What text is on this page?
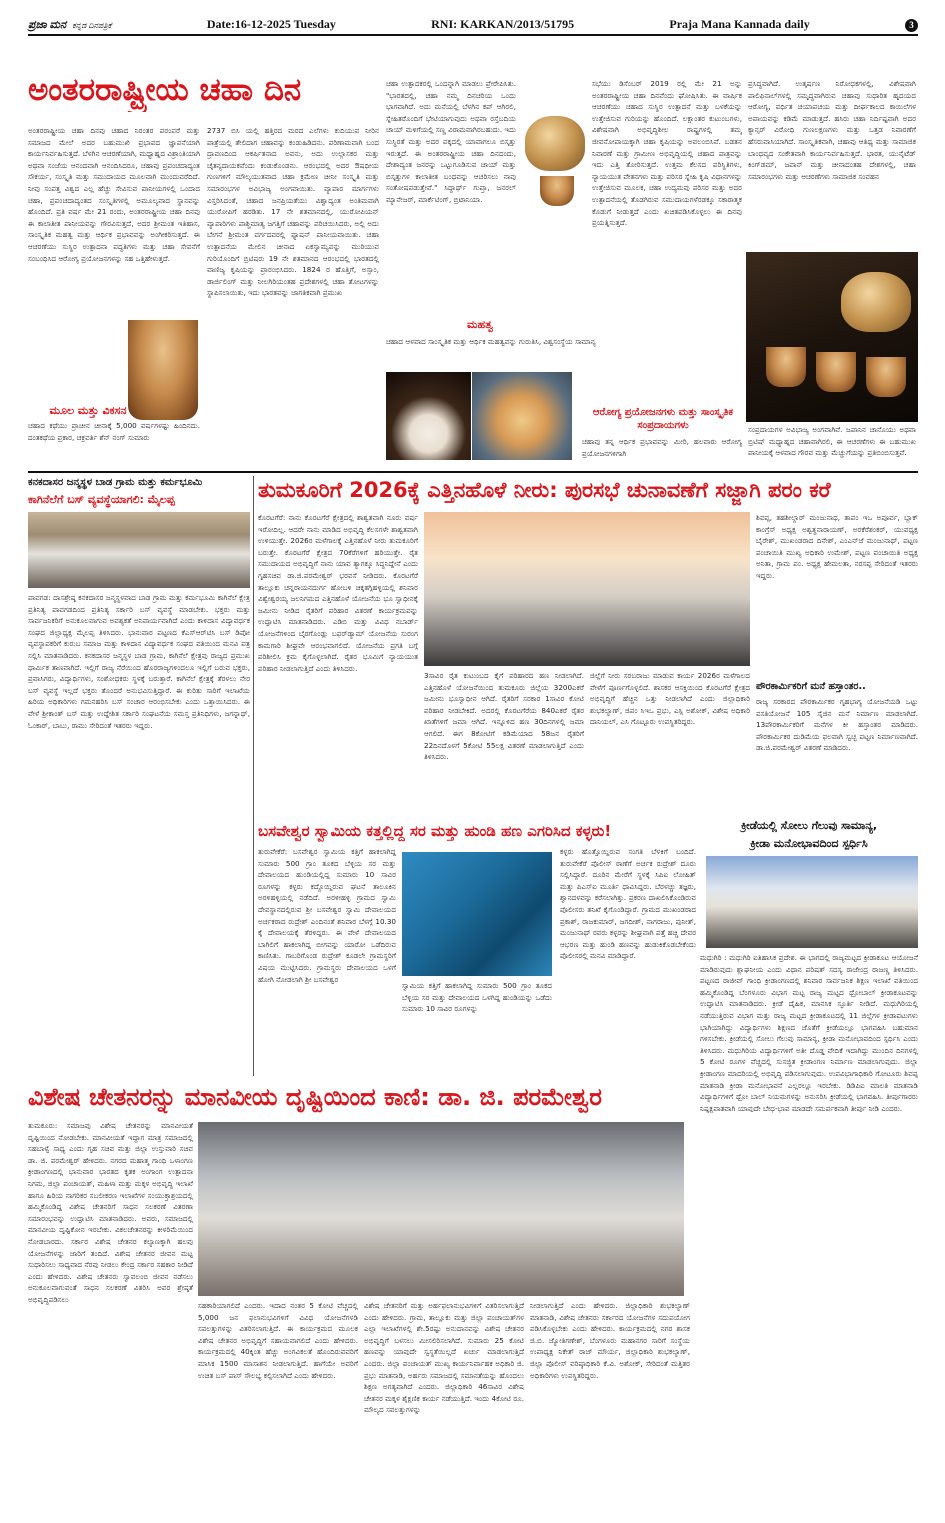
ಪ್ರಜಾ ಮನ ಕನ್ನಡ ದಿನಪತ್ರಿಕೆ	Date:16-12-2025 Tuesday	RNI: KARKAN/2013/51795	Praja Mana Kannada daily	3
ಅಂತರರಾಷ್ಟ್ರೀಯ ಚಹಾ ದಿನ
ಅಂತರರಾಷ್ಟ್ರೀಯ ಚಹಾ ದಿನವು ಚಹಾದ ನಿರಂತರ ಪರಂಪರೆ ಮತ್ತು ಸಮಾಜದ ಮೇಲೆ ಅದರ ಬಹುಮುಖಿ ಪ್ರಭಾವದ ಜ್ಞಾಪನೆಯಾಗಿ ಕಾರ್ಯನಿರ್ವಹಿಸುತ್ತದೆ. ಬೆಳಗಿನ ಆಚರಣೆಯಾಗಿ, ಮಧ್ಯಾಹ್ನದ ವಿಶ್ರಾಂತಿಯಾಗಿ ಅಥವಾ ಸಂಜೆಯ ಆನಂದವಾಗಿ ಆನಂದಿಸಿದರೂ, ಚಹಾವು ಪ್ರಪಂಚದಾದ್ಯಂತ ಸೌಕರ್ಯ, ಸಂಸ್ಕೃತಿ ಮತ್ತು ಸಮುದಾಯದ ಮೂಲವಾಗಿ ಮುಂದುವರೆದಿದೆ. ನೀವು ಸಂಪತ್ತ ವಿಶ್ವದ ಎಲ್ಲ ಹೆಚ್ಚು ಸೇವಿಸುವ ಪಾನೀಯಗಳಲ್ಲಿ ಒಂದಾದ ಚಹಾ, ಪ್ರಪಂಚದಾದ್ಯಂತದ ಸಂಸ್ಕೃತಿಗಳಲ್ಲಿ ಅಮೂಲ್ಯವಾದ ಸ್ಥಾನವನ್ನು ಹೊಂದಿದೆ. ಪ್ರತಿ ವರ್ಷ ಮೇ 21 ರಂದು, ಅಂತರರಾಷ್ಟ್ರೀಯ ಚಹಾ ದಿನವು ಈ ಕಾಲಾತೀತ ಪಾನೀಯವನ್ನು ಗೌರವಿಸುತ್ತದೆ, ಅದರ ಶ್ರೀಮಂತ ಇತಿಹಾಸ, ಸಾಂಸ್ಕೃತಿಕ ಮಹತ್ವ ಮತ್ತು ಆರ್ಥಿಕ ಪ್ರಭಾವವನ್ನು ಅಂಗೀಕರಿಸುತ್ತದೆ. ಈ ಆಚರಣೆಯು ಸುಸ್ಥಿರ ಉತ್ಪಾದನಾ ಪದ್ಧತಿಗಳು ಮತ್ತು ಚಹಾ ಸೇವನೆಗೆ ಸಂಬಂಧಿಸಿದ ಆರೋಗ್ಯ ಪ್ರಯೋಜನಗಳನ್ನು ಸಹ ಒತ್ತಿಹೇಳುತ್ತದೆ.
ಮೂಲ ಮತ್ತು ವಿಕಸನ
ಚಹಾದ ಕಥೆಯು ಪ್ರಾಚೀನ ಚೀನಾಕ್ಕೆ 5,000 ವರ್ಷಗಳಷ್ಟು ಹಿಂದಿನದು. ದಂತಕಥೆಯ ಪ್ರಕಾರ, ಚಕ್ರವರ್ತಿ ಶೆನ್ ನಂಗ್ ಸುಮಾರು
2737 ಬಿಸಿ ಯಲ್ಲಿ ಹತ್ತಿರದ ಮರದ ಎಲೆಗಳು ಕುದಿಯುವ ನೀರಿನ ಪಾತ್ರೆಯಲ್ಲಿ ತೇಲಿದಾಗ ಚಹಾವನ್ನು ಕಂಡುಹಿಡಿದನು. ಪರಿಣಾಮವಾಗಿ ಬಂದ ದ್ರಾವಣದಿಂದ ಆಕರ್ಷಿತನಾದ ಅವನು, ಅದು ಉಲ್ಲಾಸಕರ ಮತ್ತು ಚೈತನ್ಯದಾಯಕವೆಂದು ಕಂಡುಕೊಂಡನು. ಆರಂಭದಲ್ಲಿ ಅದರ ಔಷಧೀಯ ಗುಣಗಳಿಗೆ ಮೌಲ್ಯಯುತವಾದ ಚಹಾ ಕ್ರಮೇಣ ಚೀನೀ ಸಂಸ್ಕೃತಿ ಮತ್ತು ಸಮಾರಂಭಗಳ ಅವಿಭಾಜ್ಯ ಅಂಗವಾಯಿತು. ವ್ಯಾಪಾರ ಮಾರ್ಗಗಳು ವಿಸ್ತರಿಸಿದಂತೆ, ಚಹಾದ ಜನಪ್ರಿಯತೆಯು ವಿಶ್ವಾದ್ಯಂತ ಅಂತಿಮವಾಗಿ ಯುರೋಪಿಗೆ ಹರಡಿತು. 17 ನೇ ಶತಮಾನದಲ್ಲಿ, ಯುರೋಪಿಯನ್ ವ್ಯಾಪಾರಿಗಳು ಪಾಶ್ಚಿಮಾತ್ಯ ಜಗತ್ತಿಗೆ ಚಹಾವನ್ನು ಪರಿಚಯಿಸಿದರು, ಅಲ್ಲಿ ಅದು ಬೇಗನೆ ಶ್ರೀಮಂತ ವರ್ಗದವರಲ್ಲಿ ಫ್ಯಾಷನ್ ಪಾನೀಯವಾಯಿತು. ಚಹಾ ಉತ್ಪಾದನೆಯ ಮೇಲಿನ ಚೀನಾದ ಏಕಸ್ವಾಮ್ಯವನ್ನು ಮುರಿಯುವ ಗುರಿಯೊಂದಿಗೆ ಬ್ರಿಟಿಷರು 19 ನೇ ಶತಮಾನದ ಆರಂಭದಲ್ಲಿ ಭಾರತದಲ್ಲಿ ವಾಣಿಜ್ಯ ಕೃಷಿಯನ್ನು ಪ್ರಾರಂಭಿಸಿದರು. 1824 ರ ಹೊತ್ತಿಗೆ, ಅಸ್ಸಾಂ, ಡಾರ್ಜಿಲಿಂಗ್ ಮತ್ತು ನೀಲಗಿರಿಯಂತಹ ಪ್ರದೇಶಗಳಲ್ಲಿ ಚಹಾ ತೋಟಗಳನ್ನು ಸ್ಥಾಪಿಸಲಾಯಿತು, ಇದು ಭಾರತವನ್ನು ಜಾಗತಿಕವಾಗಿ ಪ್ರಮುಖ
ಚಹಾ ಉತ್ಪಾದಕರಲ್ಲಿ ಒಂದನ್ನಾಗಿ ಮಾಡಲು ಪ್ರೇರೇಪಿಸಿತು. "ಭಾರತದಲ್ಲಿ, ಚಹಾ ನಮ್ಮ ದಿನಚರಿಯ ಒಂದು ಭಾಗವಾಗಿದೆ. ಅದು ಮನೆಯಲ್ಲಿ ಬೆಳಗಿನ ಕಪ್ ಆಗಿರಲಿ, ಸ್ನೇಹಿತರೊಂದಿಗೆ ಭೇಟಿಯಾಗುವುದು ಅಥವಾ ರಸ್ತೆಬದಿಯ ಚಾಯ್ ಮಳಿಗೆಯಲ್ಲಿ ಸಣ್ಣ ವಿರಾಮವಾಗಿರಬಹುದು. ಇದು ಸುಸ್ಥಿರತೆ ಮತ್ತು ಅದರ ಪಕ್ಕದಲ್ಲಿ ಯಾವಾಗಲೂ ಬಿಸ್ಕತ್ತು ಇರುತ್ತದೆ. ಈ ಅಂತರರಾಷ್ಟ್ರೀಯ ಚಹಾ ದಿನದಂದು, ದೇಶಾದ್ಯಂತ ಜನರನ್ನು ಒಟ್ಟುಗೂಡಿಸುವ ಚಾಯ್ ಮತ್ತು ಬಿಸ್ಕತ್ತುಗಳ ಕಾಲಾತೀತ ಬಂಧವನ್ನು ಆಚರಿಸಲು ನಾವು ಸಂತೋಷಪಡುತ್ತೇವೆ." ಸಿದ್ಧಾರ್ಥ್ ಗುಪ್ತಾ, ಜನರಲ್ ಮ್ಯಾನೇಜರ್, ಮಾರ್ಕೆಟಿಂಗ್, ಬ್ರಿಟಾನಿಯಾ.
ಮಹತ್ವ
ಚಹಾದ ಆಳವಾದ ಸಾಂಸ್ಕೃತಿಕ ಮತ್ತು ಆರ್ಥಿಕ ಮಹತ್ವವನ್ನು ಗುರುತಿಸಿ, ವಿಶ್ವಸಂಸ್ಥೆಯ ಸಾಮಾನ್ಯ
ಸಭೆಯು ಡಿಸೆಂಬರ್ 2019 ರಲ್ಲಿ ಮೇ 21 ಅನ್ನು ಅಂತರರಾಷ್ಟ್ರೀಯ ಚಹಾ ದಿನವೆಂದು ಘೋಷಿಸಿತು. ಈ ವಾರ್ಷಿಕ ಆಚರಣೆಯು ಚಹಾದ ಸುಸ್ಥಿರ ಉತ್ಪಾದನೆ ಮತ್ತು ಬಳಕೆಯನ್ನು ಉತ್ತೇಜಿಸುವ ಗುರಿಯನ್ನು ಹೊಂದಿದೆ. ಲಕ್ಷಾಂತರ ಕುಟುಂಬಗಳು, ವಿಶೇಷವಾಗಿ ಅಭಿವೃದ್ಧಿಶೀಲ ರಾಷ್ಟ್ರಗಳಲ್ಲಿ ತಮ್ಮ ಜೀವನೋಪಾಯಕ್ಕಾಗಿ ಚಹಾ ಕೃಷಿಯನ್ನು ಅವಲಂಬಿಸಿವೆ. ಬಡತನ ನಿವಾರಣೆ ಮತ್ತು ಗ್ರಾಮೀಣ ಅಭಿವೃದ್ಧಿಯಲ್ಲಿ ಚಹಾದ ಪಾತ್ರವನ್ನು ಇದು ಎತ್ತಿ ತೋರಿಸುತ್ತದೆ. ಉತ್ತಮ ಕೆಲಸದ ಪರಿಸ್ಥಿತಿಗಳು, ನ್ಯಾಯಯುತ ವೇತನಗಳು ಮತ್ತು ಪರಿಸರ ಸ್ನೇಹಿ ಕೃಷಿ ವಿಧಾನಗಳನ್ನು ಉತ್ತೇಜಿಸುವ ಮೂಲಕ, ಚಹಾ ಉದ್ಯಮವು ಪರಿಸರ ಮತ್ತು ಅದರ ಉತ್ಪಾದನೆಯಲ್ಲಿ ತೊಡಗಿರುವ ಸಮುದಾಯಗಳೆರಡಕ್ಕೂ ಸಕಾರಾತ್ಮಕ ಕೊಡುಗೆ ನೀಡುತ್ತದೆ ಎಂದು ಖಚಿತಪಡಿಸಿಕೊಳ್ಳಲು ಈ ದಿನವು ಪ್ರಯತ್ನಿಸುತ್ತದೆ.
ಆರೋಗ್ಯ ಪ್ರಯೋಜನಗಳು ಮತ್ತು ಸಾಂಸ್ಕೃತಿಕ ಸಂಪ್ರದಾಯಗಳು
ಚಹಾವು ತನ್ನ ಆರ್ಥಿಕ ಪ್ರಭಾವವನ್ನು ಮೀರಿ, ಹಲವಾರು ಆರೋಗ್ಯ ಪ್ರಯೋಜನಗಳಿಗಾಗಿ
ಪ್ರಸಿದ್ಧವಾಗಿದೆ. ಉತ್ಕರ್ಷಣ ನಿರೋಧಕಗಳಲ್ಲಿ, ವಿಶೇಷವಾಗಿ ಪಾಲಿಫಿನಾಲ್‌ಗಳಲ್ಲಿ ಸಮೃದ್ಧವಾಗಿರುವ ಚಹಾವು ಸುಧಾರಿತ ಹೃದಯದ ಆರೋಗ್ಯ, ವರ್ಧಿತ ಚಯಾಪಚಯ ಮತ್ತು ದೀರ್ಘಕಾಲದ ಕಾಯಿಲೆಗಳ ಅಪಾಯವನ್ನು ಕಡಿಮೆ ಮಾಡುತ್ತದೆ. ಹಸಿರು ಚಹಾ ನಿರ್ದಿಷ್ಟವಾಗಿ ಅದರ ಕ್ಯಾನ್ಸರ್ ವಿರೋಧಿ ಗುಣಲಕ್ಷಣಗಳು ಮತ್ತು ಒತ್ತಡ ನಿವಾರಣೆಗೆ ಹೆಸರುವಾಸಿಯಾಗಿದೆ. ಸಾಂಸ್ಕೃತಿಕವಾಗಿ, ಚಹಾವು ಆತಿಥ್ಯ ಮತ್ತು ಸಾಮಾಜಿಕ ಬಾಂಧವ್ಯದ ಸಂಕೇತವಾಗಿ ಕಾರ್ಯನಿರ್ವಹಿಸುತ್ತದೆ. ಭಾರತ, ಯುನೈಟೆಡ್ ಕಿಂಗ್‌ಡಮ್, ಜಪಾನ್ ಮತ್ತು ಚೀನಾದಂತಹ ದೇಶಗಳಲ್ಲಿ, ಚಹಾ ಸಮಾರಂಭಗಳು ಮತ್ತು ಆಚರಣೆಗಳು ಸಾಮಾಜಿಕ ಸಂವಹನ
ಸಂಪ್ರದಾಯಗಳ ಅವಿಭಾಜ್ಯ ಅಂಗವಾಗಿವೆ. ಜಪಾನಿನ ಚಾನೊಯು ಅಥವಾ ಬ್ರಿಟಿಷ್ ಮಧ್ಯಾಹ್ನದ ಚಹಾವಾಗಿರಲಿ, ಈ ಆಚರಣೆಗಳು ಈ ಬಹುಮುಖ ಪಾನೀಯಕ್ಕೆ ಆಳವಾದ ಗೌರವ ಮತ್ತು ಮೆಚ್ಚುಗೆಯನ್ನು ಪ್ರತಿಬಿಂಬಿಸುತ್ತವೆ.
ಕನಕದಾಸರ ಜನ್ಮಸ್ಥಳ ಬಾಡ ಗ್ರಾಮ ಮತ್ತು ಕರ್ಮಭೂಮಿ
ಕಾಗಿನೆಲೆಗೆ ಬಸ್ ವ್ಯವಸ್ಥೆಯಾಗಲಿ: ಮೈಲಪ್ಪ
ಪಾವಗಡ: ದಾಸಶ್ರೇಷ್ಠ ಕನಕದಾಸರ ಜನ್ಮಸ್ಥಳವಾದ ಬಾಡ ಗ್ರಾಮ ಮತ್ತು ಕರ್ಮಭೂಮಿ ಕಾಗಿನೆಲೆ ಕ್ಷೇತ್ರ ಪ್ರತಿನಿತ್ಯ ಪಾವಗಡದಿಂದ ಪ್ರತಿನಿತ್ಯ ಸರ್ಕಾರಿ ಬಸ್ ವ್ಯವಸ್ಥೆ ಮಾಡಬೇಕು. ಭಕ್ತರು ಮತ್ತು ಸಾರ್ವಜನಿಕರಿಗೆ ಅನುಕೂಲವಾಗುವ ಅವಶ್ಯಕತೆ ಅನಿವಾರ್ಯವಾಗಿದೆ ಎಂದು ಕಾಳಿದಾಸ ವಿದ್ಯಾವರ್ಧಕ ಸಂಘದ ಜಿಲ್ಲಾಧ್ಯಕ್ಷ ಮೈಲಪ್ಪ ತಿಳಿಸಿದರು. ಭಾನುವಾರ ಪಟ್ಟಣದ ಕೆಎಸ್‌ಆರ್‌ಟಿಸಿ ಬಸ್ ಡಿಪೋ ವ್ಯವಸ್ಥಾಪಕರಿಗೆ ಕುರುಬ ಸಮಾಜ ಮತ್ತು ಕಾಳಿದಾಸ ವಿದ್ಯಾವರ್ಧಕ ಸಂಘದ ವತಿಯಿಂದ ಮನವಿ ಪತ್ರ ಸಲ್ಲಿಸಿ ಮಾತನಾಡಿದರು. ಕನಕದಾಸರ ಜನ್ಮಸ್ಥಳ ಬಾಡ ಗ್ರಾಮ, ಕಾಗಿನೆಲೆ ಕ್ಷೇತ್ರವು ರಾಜ್ಯದ ಪ್ರಮುಖ ಧಾರ್ಮಿಕ ತಾಣವಾಗಿದೆ. ಇಲ್ಲಿಗೆ ರಾಜ್ಯ ನೆರೆಯಿಂದ ಹೊರರಾಜ್ಯಗಳಿಂದಲೂ ಇಲ್ಲಿಗೆ ಬರುವ ಭಕ್ತರು, ಪ್ರವಾಸಿಗರು, ವಿದ್ಯಾರ್ಥಿಗಳು, ಸಂಶೋಧಕರು ಸ್ಥಳಕ್ಕೆ ಬರುತ್ತಾರೆ. ಕಾಗಿನೆಲೆ ಕ್ಷೇತ್ರಕ್ಕೆ ತೆರಳಲು ನೇರ ಬಸ್ ವ್ಯವಸ್ಥೆ ಇಲ್ಲದೆ ಭಕ್ತರು ತೊಂದರೆ ಅನುಭವಿಸುತ್ತಿದ್ದಾರೆ. ಈ ಕುರಿತು ಸಾರಿಗೆ ಇಲಾಖೆಯ ಹಿರಿಯ ಅಧಿಕಾರಿಗಳು ಗಮನಹರಿಸಿ ಬಸ್ ಸಂಚಾರ ಆರಂಭಿಸಬೇಕು ಎಂದು ಒತ್ತಾಯಿಸಿದರು. ಈ ವೇಳೆ ಶ್ರೀಕಾಂತ್ ಬಸ್ ಮತ್ತು ಉದ್ದೇಶಿತ ಸರ್ಕಾರಿ ಸಂಘಟನೆಯ ಸಮಸ್ತ ಪ್ರತಿನಿಧಿಗಳು, ಜಗನ್ನಾಥ್, ಓಂಕಾರ್, ಬಾಬು, ರಾಮು ಸೇರಿದಂತೆ ಇತರರು ಇದ್ದರು.
ತುಮಕೂರಿಗೆ 2026ಕ್ಕೆ ಎತ್ತಿನಹೊಳೆ ನೀರು: ಪುರಸಭೆ ಚುನಾವಣೆಗೆ ಸಜ್ಜಾಗಿ ಪರಂ ಕರೆ
ಕೊರಟಗೆರೆ: ನಾನು ಕೊರಟಗೆರೆ ಕ್ಷೇತ್ರದಲ್ಲಿ ಶಾಶ್ವತವಾಗಿ ನೂರು ವರ್ಷ ಇರೋದಿಲ್ಲ. ಆದರೇ ನಾನು ಮಾಡಿದ ಅಭಿವೃದ್ಧಿ ಕೆಲಸಗಳೇ ಶಾಶ್ವತವಾಗಿ ಉಳಿಯುತ್ತೇ. 2026ರ ಮಳೆಗಾಲಕ್ಕೆ ಎತ್ತಿನಹೊಳೆ ನೀರು ತುಮಕೂರಿಗೆ ಬರುತ್ತೇ. ಕೊರಟಗೆರೆ ಕ್ಷೇತ್ರದ 70ಕೆರೆಗಳಿಗೆ ಹರಿಯುತ್ತೇ. ರೈತ ಸಮುದಾಯದ ಅಭಿವೃದ್ಧಿಗೆ ನಾನು ಯಾವ ತ್ಯಾಗಕ್ಕೂ ಸಿದ್ಧನಿದ್ದೇನೆ ಎಂದು ಗೃಹಸಚಿವ ಡಾ.ಜಿ.ಪರಮೇಶ್ವರ್ ಭರವಸೆ ನೀಡಿದರು. ಕೊರಟಗೆರೆ ತಾಲ್ಲೂಕು ಚನ್ನರಾಯನದುರ್ಗ ಹೋಬಳಿ ಚಿಕ್ಕತಗ್ಗಿಹಳ್ಳಿಯಲ್ಲಿ ಶನಿವಾರ ವಿಶ್ವೇಶ್ವರಯ್ಯ ಜಲನಿಗಮದ ಎತ್ತಿನಹೊಳೆ ಯೋಜನೆಯ ಭೂ ಸ್ವಾಧೀನಕ್ಕೆ ಜಮೀನು ನೀಡಿದ ರೈತರಿಗೆ ಪರಿಹಾರ ವಿತರಣೆ ಕಾರ್ಯಕ್ರಮವನ್ನು ಉದ್ಘಾಟಿಸಿ ಮಾತನಾಡಿದರು. ಎಡಿಬಿ ಮತ್ತು ವಿವಿಧ ನಬಾರ್ಡ್ ಯೋಜನೆಗಳಿಂದ ಬೈರಗೊಂಡ್ಲು ಬಫರ್‌ಡ್ಯಾಮ್ ಯೋಜನೆಯ ಸುರಂಗ ಕಾಮಗಾರಿ ಶೀಘ್ರವೇ ಆರಂಭವಾಗಲಿದೆ. ಯೋಜನೆಯ ಪ್ರಗತಿ ಬಗ್ಗೆ ಪರಿಶೀಲಿಸಿ ಕ್ರಮ ಕೈಗೊಳ್ಳಲಾಗಿದೆ. ರೈತರ ಭೂಮಿಗೆ ನ್ಯಾಯಯುತ ಪರಿಹಾರ ನೀಡಲಾಗುತ್ತಿದೆ ಎಂದು ತಿಳಿಸಿದರು.
3ಸಾವಿರ ರೈತ ಕುಟುಂಬದ ಕೈಗೆ ಪರಿಹಾರದ ಹಣ ನೀಡಲಾಗಿದೆ. ಎತ್ತಿನಹೊಳೆ ಯೋಜನೆಯಿಂದ ತುಮಕೂರು ಜಿಲ್ಲೆಯ 3200ಎಕರೆ ಜಮೀನು ಭೂಸ್ವಾಧೀನ ಆಗಿದೆ. ರೈತರಿಗೆ ಸರಕಾರ 1ಸಾವಿರ ಕೋಟಿ ಪರಿಹಾರ ನೀಡಬೇಕಿದೆ. ಅದರಲ್ಲಿ ಕೊರಟಗೆರೆಯ 840ಎಕರೆ ರೈತರ ಖಾತೆಗಳಿಗೆ ಜಮಾ ಆಗಿದೆ. ಇನ್ನೂಳಿದ ಹಣ 30ದಿನಗಳಲ್ಲಿ ಜಮಾ ಆಗಲಿದೆ. ಈಗ 8ಕೋಟಿಗೆ ಕಡಿಮೆಯಾದ 58ಜನ ರೈತರಿಗೆ 22ದಿನದೊಳಗೆ 5ಕೋಟಿ 55ಲಕ್ಷ ವಿತರಣೆ ಮಾಡಲಾಗುತ್ತಿದೆ ಎಂದು ತಿಳಿಸಿದರು.
ಜಿಲ್ಲೆಗೆ ನೀರು ಸರಬರಾಜು ಮಾಡುವ ಕಾರ್ಯ 2026ರ ಮಳೆಗಾಲದ ವೇಳೆಗೆ ಪೂರ್ಣಗೊಳ್ಳಲಿದೆ. ಶಾಸಕರ ಆಸಕ್ತಿಯಿಂದ ಕೊರಟಗೆರೆ ಕ್ಷೇತ್ರದ ಅಭಿವೃದ್ಧಿಗೆ ಹೆಚ್ಚಿನ ಒತ್ತು ನೀಡಲಾಗಿದೆ ಎಂದು ಜಿಲ್ಲಾಧಿಕಾರಿ ಶುಭಕಲ್ಯಾಣ್, ಜಿಪಂ ಸಿಇಒ ಪ್ರಭು, ಎಸ್ಪಿ ಅಶೋಕ್, ವಿಶೇಷ ಅಧಿಕಾರಿ ದಾನಿಯಲ್, ಎಸಿ ಗೊಟ್ಟೂರು ಉಪಸ್ಥಿತರಿದ್ದರು.
ಶಿವಪ್ಪ, ತಹಶೀಲ್ದಾರ್ ಮಂಜುನಾಥ, ತಾಪಂ ಇಒ ಅಪೂರ್ವ, ಬ್ಲಾಕ್ ಕಾಂಗ್ರೆಸ್ ಅಧ್ಯಕ್ಷ ಅಶ್ವತ್ಥನಾರಾಯಣ್, ಅರಕೆರೆಶಂಕರ್, ಯುವಧ್ಯಕ್ಷ ಬೈರೇಶ್, ಮುಖಂಡರಾದ ದಿನೇಶ್, ಎಂಎನ್‌ಜೆ ಮಂಜುನಾಥ್, ಪಟ್ಟಣ ಪಂಚಾಯಿತಿ ಮುಖ್ಯ ಅಧಿಕಾರಿ ಉಮೇಶ್, ಪಟ್ಟಣ ಪಂಚಾಯಿತಿ ಅಧ್ಯಕ್ಷ ಅನಿತಾ, ಗ್ರಾಮ ಪಂ. ಅಧ್ಯಕ್ಷ ಹೇಮಲತಾ, ನರಸಪ್ಪ ಸೇರಿದಂತೆ ಇತರರು ಇದ್ದರು.
ಪೌರಕಾರ್ಮಿಕರಿಗೆ ಮನೆ ಹಸ್ತಾಂತರ..
ರಾಜ್ಯ ಸರಕಾರದ ಪೌರಕಾರ್ಮಿಕರ ಗೃಹಭಾಗ್ಯ ಯೋಜನೆಯಡಿ ಒಟ್ಟು ವಸತಿಯೋಜನೆ 105 ಸೈಜಿನ ಮನೆ ನಿರ್ಮಾಣ ಮಾಡಲಾಗಿದೆ. 13ಪೌರಕಾರ್ಮಿಕರಿಗೆ ಮನೆಗಳ ಕೀ ಹಸ್ತಾಂತರ ಮಾಡಿದರು. ಪೌರಕಾರ್ಮಿಕರ ದುಡಿಮೆಯ ಫಲವಾಗಿ ಸ್ವಚ್ಛ ಪಟ್ಟಣ ನಿರ್ಮಾಣವಾಗಿದೆ. ಡಾ.ಜಿ.ಪರಮೇಶ್ವರ್ ವಿತರಣೆ ಮಾಡಿದರು.
ಬಸವೇಶ್ವರ ಸ್ವಾಮಿಯ ಕತ್ತಲ್ಲಿದ್ದ ಸರ ಮತ್ತು ಹುಂಡಿ ಹಣ ಎಗರಿಸಿದ ಕಳ್ಳರು!
ತುರುವೇಕೆರೆ: ಬಸವೇಶ್ವರ ಸ್ವಾಮಿಯ ಕತ್ತಿಗೆ ಹಾಕಲಾಗಿದ್ದ ಸುಮಾರು 500 ಗ್ರಾಂ ತೂಕದ ಬೆಳ್ಳಿಯ ಸರ ಮತ್ತು ದೇವಾಲಯದ ಹುಂಡಿಯಲ್ಲಿದ್ದ ಸುಮಾರು 10 ಸಾವಿರ ರೂಗಳನ್ನು ಕಳ್ಳರು ಕದ್ದೊಯ್ದಿರುವ ಘಟನೆ ತಾಲೂಕಿನ ಅರಳಿಹಳ್ಳಿಯಲ್ಲಿ ನಡೆದಿದೆ. ಅರಳೀಹಳ್ಳಿ ಗ್ರಾಮದ ಸ್ವಾಮಿ ದೇವಸ್ಥಾನದಲ್ಲಿರುವ ಶ್ರೀ ಬಸವೇಶ್ವರ ಸ್ವಾಮಿ ದೇವಾಲಯದ ಅರ್ಚಕರಾದ ರುದ್ರೇಶ್ ಎಂದಿನಂತೆ ಶನಿವಾರ ಬೆಳಗ್ಗೆ 10.30 ಕ್ಕೆ ದೇವಾಲಯಕ್ಕೆ ತೆರಳಿದ್ದರು. ಈ ವೇಳೆ ದೇವಾಲಯದ ಬಾಗಿಲಿಗೆ ಹಾಕಲಾಗಿದ್ದ ಬೀಗವನ್ನು ಯಾರೋ ಒಡೆದಿರುವ ಕಾಣಿಸಿತು. ಗಾಬರಿಗೊಂಡ ರುದ್ರೇಶ್ ಕೂಡಲೇ ಗ್ರಾಮಸ್ಥರಿಗೆ ವಿಷಯ ಮುಟ್ಟಿಸಿದರು. ಗ್ರಾಮಸ್ಥರು ದೇವಾಲಯದ ಒಳಗೆ ಹೋಗಿ ನೋಡಲಾಗಿ ಶ್ರೀ ಬಸವೇಶ್ವರ
ಸ್ವಾಮಿಯ ಕತ್ತಿಗೆ ಹಾಕಲಾಗಿದ್ದ ಸುಮಾರು 500 ಗ್ರಾಂ ತೂಕದ ಬೆಳ್ಳಿಯ ಸರ ಮತ್ತು ದೇವಾಲಯದ ಒಳಗಿದ್ದ ಹುಂಡಿಯನ್ನು ಒಡೆದು ಸುಮಾರು 10 ಸಾವಿರ ರೂಗಳನ್ನು
ಕಳ್ಳರು ಹೊತ್ತೊಯ್ದಿರುವ ಸಂಗತಿ ಬೆಳಕಿಗೆ ಬಂದಿದೆ. ತುರುವೇಕೆರೆ ಪೊಲೀಸ್ ಠಾಣೆಗೆ ಅರ್ಚಕ ರುದ್ರೇಶ್ ದೂರು ಸಲ್ಲಿಸಿದ್ದಾರೆ. ದೂರಿನ ಮೇರೆಗೆ ಸ್ಥಳಕ್ಕೆ ಸಿಪಿಐ ಲೋಹಿತ್ ಮತ್ತು ಪಿಎಸ್ಐ ಮೂರ್ತಿ ಧಾವಿಸಿದ್ದರು. ಬೆರಳಚ್ಚು ತಜ್ಞರು, ಶ್ವಾನದಳವನ್ನು ಕರೆಸಲಾಗಿತ್ತು. ಪ್ರಕರಣ ದಾಖಲಿಸಿಕೊಂಡಿರುವ ಪೊಲೀಸರು ತನಿಖೆ ಕೈಗೊಂಡಿದ್ದಾರೆ. ಗ್ರಾಮದ ಮುಖಂಡರಾದ ಪ್ರಕಾಶ್, ರಾಜಕುಮಾರ್, ಜಗದೀಶ್, ನಾಗರಾಜು, ಪುನೀತ್, ಮಂಜುನಾಥ್ ರವರು ಕಳ್ಳರನ್ನು ಶೀಘ್ರವಾಗಿ ಪತ್ತೆ ಹಚ್ಚಿ ದೇವರ ಆಭರಣ ಮತ್ತು ಹುಂಡಿ ಹಣವನ್ನು ಹುಡುಕಿಕೊಡಬೇಕೆಂದು ಪೊಲೀಸರಲ್ಲಿ ಮನವಿ ಮಾಡಿದ್ದಾರೆ.
ಕ್ರೀಡೆಯಲ್ಲಿ ಸೋಲು ಗೆಲುವು ಸಾಮಾನ್ಯ,
ಕ್ರೀಡಾ ಮನೋಭಾವದಿಂದ ಸ್ಪರ್ಧಿಸಿ
ಮಧುಗಿರಿ : ಮಧುಗಿರಿ ಐತಿಹಾಸಿಕ ಪ್ರದೇಶ. ಈ ಭಾಗದಲ್ಲಿ ರಾಜ್ಯಮಟ್ಟದ ಕ್ರೀಡಾಕೂಟ ಆಯೋಜನೆ ಮಾಡಿರುವುದು ಶ್ಲಾಘನೀಯ ಎಂದು ವಿಧಾನ ಪರಿಷತ್ ಸದಸ್ಯ ರಾಜೇಂದ್ರ ರಾಜಣ್ಣ ತಿಳಿಸಿದರು. ಪಟ್ಟಣದ ರಾಜೀವ್ ಗಾಂಧಿ ಕ್ರೀಡಾಂಗಣದಲ್ಲಿ ಶನಿವಾರ ಸಾರ್ವಜನಿಕ ಶಿಕ್ಷಣ ಇಲಾಖೆ ವತಿಯಿಂದ ಹಮ್ಮಿಕೊಂಡಿದ್ದ ಬೆಂಗಳೂರು ವಿಭಾಗ ಮಟ್ಟ ರಾಜ್ಯ ಮಟ್ಟದ ಥ್ರೋಬಾಲ್ ಕ್ರೀಡಾಕೂಟವನ್ನು ಉದ್ಘಾಟಿಸಿ ಮಾತನಾಡಿದರು. ಕ್ರೀಡೆ ದೈಹಿಕ, ಮಾನಸಿಕ ಸ್ಫೂರ್ತಿ ನೀಡಿದೆ. ಮಧುಗಿರಿಯಲ್ಲಿ ನಡೆಯುತ್ತಿರುವ ವಿಭಾಗ ಮತ್ತು ರಾಜ್ಯ ಮಟ್ಟದ ಕ್ರೀಡಾಕೂಟದಲ್ಲಿ 11 ಜಿಲ್ಲೆಗಳ ಕ್ರೀಡಾಪಟುಗಳು ಭಾಗಿಯಾಗಿದ್ದು ವಿದ್ಯಾರ್ಥಿಗಳು ಶಿಕ್ಷಣದ ಜೊತೆಗೆ ಕ್ರೀಡೆಯಲ್ಲೂ ಭಾಗವಹಿಸಿ ಬಹುಮಾನ ಗಳಿಸಬೇಕು. ಕ್ರೀಡೆಯಲ್ಲಿ ಸೋಲು ಗೆಲುವು ಸಾಮಾನ್ಯ, ಕ್ರೀಡಾ ಮನೋಭಾವದಿಂದ ಸ್ಪರ್ಧಿಸಿ ಎಂದು ತಿಳಿಸಿದರು. ಮಧುಗಿರಿಯ ವಿದ್ಯಾರ್ಥಿಗಳಿಗೆ ಅತೀ ದೊಡ್ಡ ವೇದಿಕೆ ಇದಾಗಿದ್ದು ಮುಂದಿನ ದಿನಗಳಲ್ಲಿ 5 ಕೋಟಿ ರೂಗಳ ವೆಚ್ಚದಲ್ಲಿ ಸುಸಜ್ಜಿತ ಕ್ರೀಡಾಂಗಣ ನಿರ್ಮಾಣ ಮಾಡಲಾಗುವುದು. ಜಿಲ್ಲಾ ಕ್ರೀಡಾಂಗಣ ಮಾದರಿಯಲ್ಲಿ ಅಭಿವೃದ್ಧಿ ಪಡಿಸಲಾಗುವುದು. ಉಪವಿಭಾಗಾಧಿಕಾರಿ ಗೋಟೂರು ಶಿವಪ್ಪ ಮಾತನಾಡಿ ಕ್ರೀಡಾ ಮನೋಭಾವನೆ ಎಲ್ಲರಲ್ಲೂ ಇರಬೇಕು. ಡಿಡಿಪಿಐ ಮಾಲತಿ ಮಾತನಾಡಿ ವಿದ್ಯಾರ್ಥಿಗಳಿಗೆ ಥ್ರೋ ಬಾಲ್ ನಿಯಮಗಳನ್ನು ಅನುಸರಿಸಿ ಕ್ರೀಡೆಯಲ್ಲಿ ಭಾಗವಹಿಸಿ. ತೀರ್ಪುಗಾರರು ನಿಷ್ಪಕ್ಷಪಾತವಾಗಿ ಯಾವುದೇ ಬೇಧ-ಭಾವ ಮಾಡದೇ ಸಮರ್ಪಕವಾಗಿ ತೀರ್ಪು ನೀಡಿ ಎಂದರು.
ವಿಶೇಷ ಚೇತನರನ್ನು ಮಾನವೀಯ ದೃಷ್ಟಿಯಿಂದ ಕಾಣಿ: ಡಾ. ಜಿ. ಪರಮೇಶ್ವರ
ತುಮಕೂರು: ಸಮಾಜವು ವಿಶೇಷ ಚೇತನರನ್ನು ಮಾನವೀಯತೆ ದೃಷ್ಟಿಯಿಂದ ನೋಡಬೇಕು. ಮಾನವೀಯತೆ ಇದ್ದಾಗ ಮಾತ್ರ ಸಮಾಜದಲ್ಲಿ ಸಹಬಾಳ್ವೆ ಸಾಧ್ಯ ಎಂದು ಗೃಹ ಸಚಿವ ಮತ್ತು ಜಿಲ್ಲಾ ಉಸ್ತುವಾರಿ ಸಚಿವ ಡಾ. ಜಿ. ಪರಮೇಶ್ವರ್ ಹೇಳಿದರು. ನಗರದ ಮಹಾತ್ಮ ಗಾಂಧಿ ಒಳಾಂಗಣ ಕ್ರೀಡಾಂಗಣದಲ್ಲಿ ಭಾನುವಾರ ಭಾರತದ ಕೃತಕ ಅಂಗಾಂಗ ಉತ್ಪಾದನಾ ನಿಗಮ, ಜಿಲ್ಲಾ ಪಂಚಾಯತ್, ಮಹಿಳಾ ಮತ್ತು ಮಕ್ಕಳ ಅಭಿವೃದ್ಧಿ ಇಲಾಖೆ ಹಾಗೂ ಹಿರಿಯ ನಾಗರಿಕರ ಸಬಲೀಕರಣ ಇಲಾಖೆಗಳ ಸಂಯುಕ್ತಾಶ್ರಯದಲ್ಲಿ ಹಮ್ಮಿಕೊಂಡಿದ್ದ ವಿಶೇಷ ಚೇತನರಿಗೆ ಸಾಧನ ಸಲಕರಣೆ ವಿತರಣಾ ಸಮಾರಂಭವನ್ನು ಉದ್ಘಾಟಿಸಿ ಮಾತನಾಡಿದರು. ಅವರು, ಸಮಾಜದಲ್ಲಿ ಮಾನವೀಯ ದೃಷ್ಟಿಕೋನ ಇರಬೇಕು. ವಿಕಲಚೇತನರನ್ನು ಕೀಳರಿಮೆಯಿಂದ ನೋಡಬಾರದು. ಸರ್ಕಾರ ವಿಶೇಷ ಚೇತನರ ಕಲ್ಯಾಣಕ್ಕಾಗಿ ಹಲವು ಯೋಜನೆಗಳನ್ನು ಜಾರಿಗೆ ತಂದಿದೆ. ವಿಶೇಷ ಚೇತನರ ಜೀವನ ಮಟ್ಟ ಸುಧಾರಿಸಲು ಸಾಧ್ಯವಾದ ನೆರವು ನೀಡಲು ಕೇಂದ್ರ ಸರ್ಕಾರ ಸಹಕಾರ ನೀಡಿದೆ ಎಂದು ಹೇಳಿದರು. ವಿಶೇಷ ಚೇತನರು ಸ್ವಾವಲಂಬಿ ಜೀವನ ನಡೆಸಲು ಅನುಕೂಲವಾಗುವಂತೆ ಸಾಧನ ಸಲಕರಣೆ ವಿತರಿಸಿ ಅವರ ಶ್ರೇಷ್ಠತೆ ಅಭಿವೃದ್ಧಿಪಡಿಸಲು
ಸಹಕಾರಿಯಾಗಲಿದೆ ಎಂದರು. ಇದಾದ ನಂತರ 5 ಕೋಟಿ ವೆಚ್ಚದಲ್ಲಿ 5,000 ಜನ ಫಲಾನುಭವಿಗಳಿಗೆ ವಿವಿಧ ಯೋಜನೆಗಳಡಿ ಸವಲತ್ತುಗಳನ್ನು ವಿತರಿಸಲಾಗುತ್ತಿದೆ. ಈ ಕಾರ್ಯಕ್ರಮದ ಮೂಲಕ ವಿಶೇಷ ಚೇತನರ ಅಭಿವೃದ್ಧಿಗೆ ಸಹಾಯವಾಗಲಿದೆ ಎಂದು ಹೇಳಿದರು. ಕಾರ್ಯಕ್ರಮದಲ್ಲಿ 40ಕ್ಕಿಂತ ಹೆಚ್ಚು ಅಂಗವಿಕಲತೆ ಹೊಂದಿರುವವರಿಗೆ ಮಾಸಿಕ 1500 ಮಾಸಾಶನ ನೀಡಲಾಗುತ್ತಿದೆ. ಹಾಗೆಯೇ ಅವರಿಗೆ ಉಚಿತ ಬಸ್ ಪಾಸ್ ಸೌಲಭ್ಯ ಕಲ್ಪಿಸಲಾಗಿದೆ ಎಂದು ಹೇಳಿದರು.
ವಿಶೇಷ ಚೇತನರಿಗೆ ಮತ್ತು ಅರ್ಹಫಲಾನುಭವಿಗಳಿಗೆ ವಿತರಿಸಲಾಗುತ್ತಿದೆ ಎಂದು ಹೇಳಿದರು. ಗ್ರಾಮ, ತಾಲ್ಲೂಕು ಮತ್ತು ಜಿಲ್ಲಾ ಪಂಚಾಯತ್‌ಗಳ ಎಲ್ಲಾ ಇಲಾಖೆಗಳಲ್ಲಿ ಶೇ.5ರಷ್ಟು ಅನುದಾನವನ್ನು ವಿಶೇಷ ಚೇತನರ ಅಭಿವೃದ್ಧಿಗೆ ಬಳಸಲು ಮೀಸಲಿರಿಸಲಾಗಿದೆ. ಸುಮಾರು 25 ಕೋಟಿ ಹಣವನ್ನು ಯಾವುದೇ ಸ್ವಸ್ಥತೆಯಿಲ್ಲದೆ ಖರ್ಚು ಮಾಡಲಾಗುತ್ತಿದೆ ಎಂದರು. ಜಿಲ್ಲಾ ಪಂಚಾಯತ್ ಮುಖ್ಯ ಕಾರ್ಯನಿರ್ವಾಹಕ ಅಧಿಕಾರಿ ಜಿ. ಪ್ರಭು ಮಾತನಾಡಿ, ಅರ್ಹರು ಸಮಾಜದಲ್ಲಿ ಸಮಾನತೆಯನ್ನು ಹೊಂದಲು ಶಿಕ್ಷಣ ಅಗತ್ಯವಾಗಿದೆ ಎಂದರು. ಜಿಲ್ಲಾಧಿಕಾರಿ 46ಸಾವಿರ ವಿಶೇಷ ಚೇತನರ ಮಕ್ಕಳ ಶೈಕ್ಷಣಿಕ ಕಾರ್ಯ ನಡೆಯುತ್ತಿದೆ. ಇಂದು 4ಕೋಟಿ ರೂ. ಮೌಲ್ಯದ ಸವಲತ್ತುಗಳನ್ನು
ನೀಡಲಾಗುತ್ತಿದೆ ಎಂದು ಹೇಳಿದರು. ಜಿಲ್ಲಾಧಿಕಾರಿ ಶುಭಕಲ್ಯಾಣ್ ಮಾತನಾಡಿ, ವಿಶೇಷ ಚೇತನರು ಸರ್ಕಾರದ ಯೋಜನೆಗಳ ಸದುಪಯೋಗ ಪಡಿಸಿಕೊಳ್ಳಬೇಕು ಎಂದು ಹೇಳಿದರು. ಕಾರ್ಯಕ್ರಮದಲ್ಲಿ ನಗರ ಶಾಸಕ ಜಿ.ಬಿ. ಜ್ಯೋತಿಗಣೇಶ್, ಬೆಂಗಳೂರು ಮಹಾನಗರ ಸಾರಿಗೆ ಸಂಸ್ಥೆಯ ಉಪಾಧ್ಯಕ್ಷ ನಿಕೇತ್ ರಾಜ್ ಮೌರ್ಯ, ಜಿಲ್ಲಾಧಿಕಾರಿ ಶುಭಕಲ್ಯಾಣ್, ಜಿಲ್ಲಾ ಪೊಲೀಸ್ ವರಿಷ್ಠಾಧಿಕಾರಿ ಕೆ.ವಿ. ಅಶೋಕ್, ಸೇರಿದಂತೆ ಮತ್ತಿತರ ಅಧಿಕಾರಿಗಳು ಉಪಸ್ಥಿತರಿದ್ದರು.
